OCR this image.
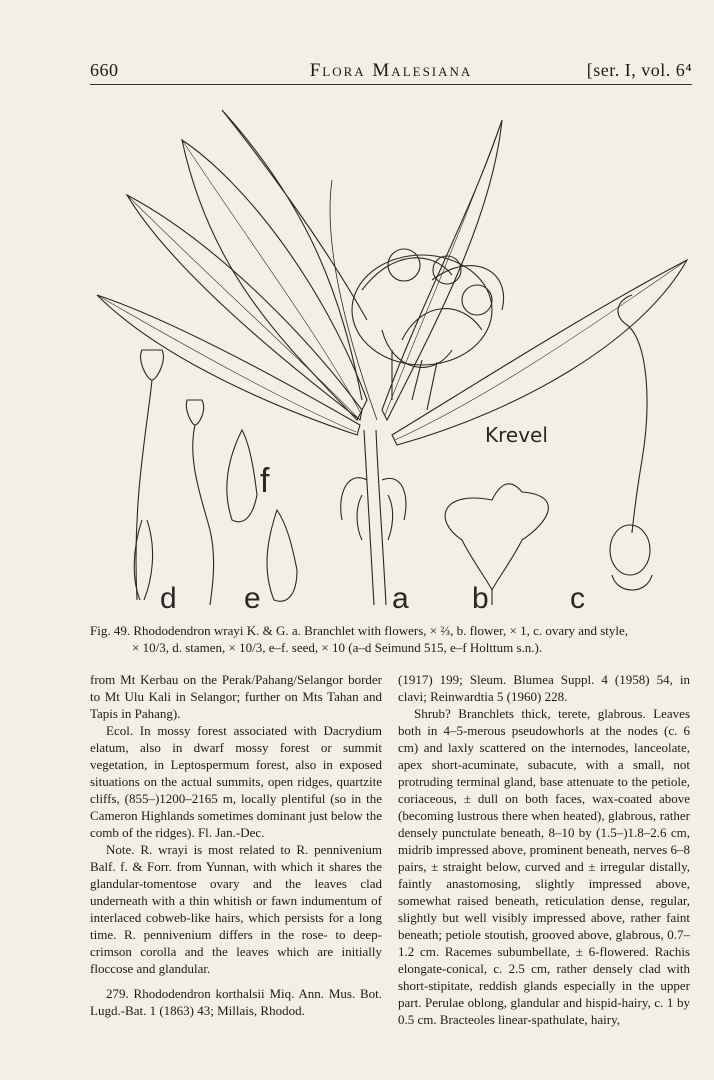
660	Flora Malesiana	[ser. I, vol. 6⁴
a b	c
d e
f
Krevel
Fig. 49. Rhododendron wrayi K. & G. a. Branchlet with flowers, × ⅔, b. flower, × 1, c. ovary and style,
× 10/3, d. stamen, × 10/3, e–f. seed, × 10 (a–d Seimund 515, e–f Holttum s.n.).

from Mt Kerbau on the Perak/Pahang/Selangor border to Mt Ulu Kali in Selangor; further on Mts Tahan and Tapis in Pahang).

Ecol. In mossy forest associated with Dacrydium elatum, also in dwarf mossy forest or summit vegetation, in Leptospermum forest, also in exposed situations on the actual summits, open ridges, quartzite cliffs, (855–)1200–2165 m, locally plentiful (so in the Cameron Highlands sometimes dominant just below the comb of the ridges). Fl. Jan.-Dec.

Note. R. wrayi is most related to R. pennivenium Balf. f. & Forr. from Yunnan, with which it shares the glandular-tomentose ovary and the leaves clad underneath with a thin whitish or fawn indumentum of interlaced cobweb-like hairs, which persists for a long time. R. pennivenium differs in the rose- to deep-crimson corolla and the leaves which are initially floccose and glandular.

279. Rhododendron korthalsii Miq. Ann. Mus. Bot. Lugd.-Bat. 1 (1863) 43; Millais, Rhodod.

(1917) 199; Sleum. Blumea Suppl. 4 (1958) 54, in clavi; Reinwardtia 5 (1960) 228.

Shrub? Branchlets thick, terete, glabrous. Leaves both in 4–5-merous pseudowhorls at the nodes (c. 6 cm) and laxly scattered on the internodes, lanceolate, apex short-acuminate, subacute, with a small, not protruding terminal gland, base attenuate to the petiole, coriaceous, ± dull on both faces, wax-coated above (becoming lustrous there when heated), glabrous, rather densely punctulate beneath, 8–10 by (1.5–)1.8–2.6 cm, midrib impressed above, prominent beneath, nerves 6–8 pairs, ± straight below, curved and ± irregular distally, faintly anastomosing, slightly impressed above, somewhat raised beneath, reticulation dense, regular, slightly but well visibly impressed above, rather faint beneath; petiole stoutish, grooved above, glabrous, 0.7–1.2 cm. Racemes subumbellate, ± 6-flowered. Rachis elongate-conical, c. 2.5 cm, rather densely clad with short-stipitate, reddish glands especially in the upper part. Perulae oblong, glandular and hispid-hairy, c. 1 by 0.5 cm. Bracteoles linear-spathulate, hairy,
